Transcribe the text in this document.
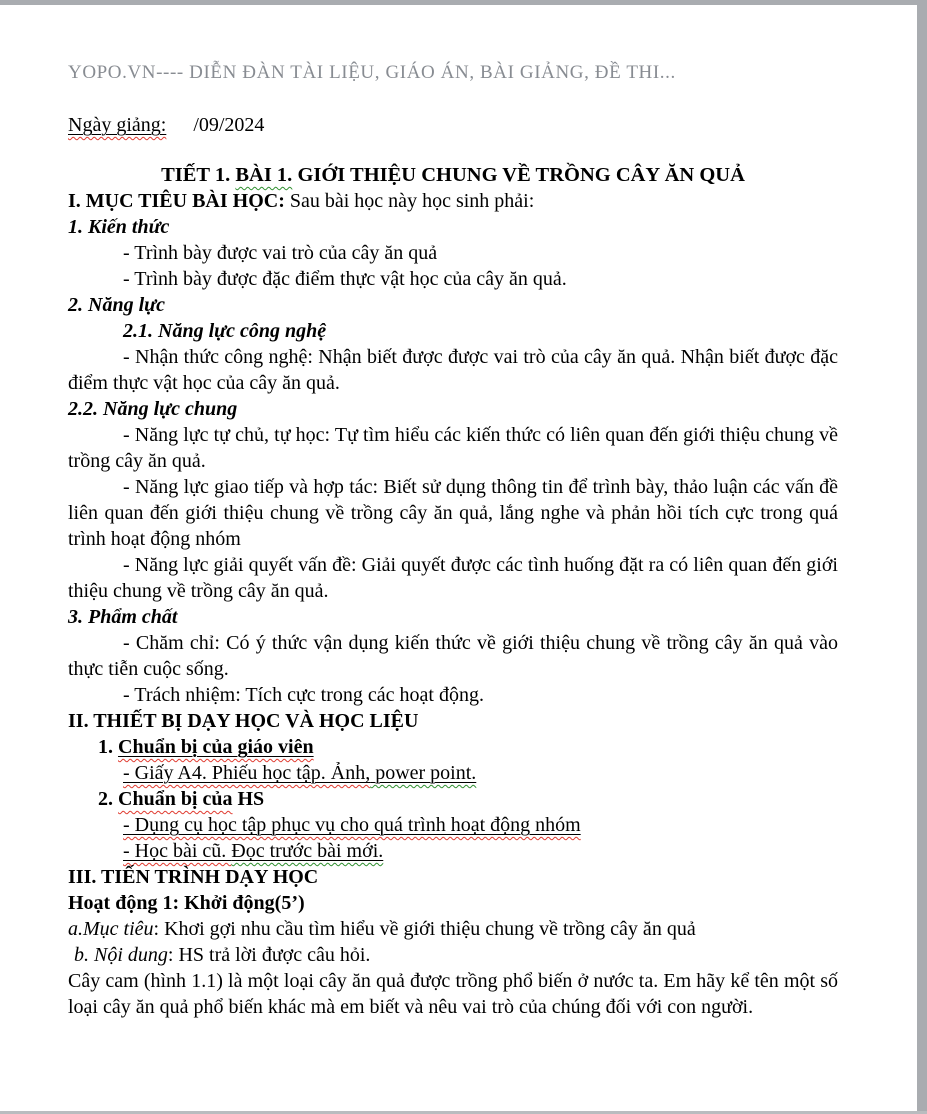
YOPO.VN---- DIỄN ĐÀN TÀI LIỆU, GIÁO ÁN, BÀI GIẢNG, ĐỀ THI...

Ngày giảng: /09/2024

TIẾT 1. BÀI 1. GIỚI THIỆU CHUNG VỀ TRỒNG CÂY ĂN QUẢ

I. MỤC TIÊU BÀI HỌC: Sau bài học này học sinh phải:

1. Kiến thức

- Trình bày được vai trò của cây ăn quả

- Trình bày được đặc điểm thực vật học của cây ăn quả.

2. Năng lực

2.1. Năng lực công nghệ

- Nhận thức công nghệ: Nhận biết được được vai trò của cây ăn quả. Nhận biết được đặc điểm thực vật học của cây ăn quả.

2.2. Năng lực chung

- Năng lực tự chủ, tự học: Tự tìm hiểu các kiến thức có liên quan đến giới thiệu chung về trồng cây ăn quả.

- Năng lực giao tiếp và hợp tác: Biết sử dụng thông tin để trình bày, thảo luận các vấn đề liên quan đến giới thiệu chung về trồng cây ăn quả, lắng nghe và phản hồi tích cực trong quá trình hoạt động nhóm

- Năng lực giải quyết vấn đề: Giải quyết được các tình huống đặt ra có liên quan đến giới thiệu chung về trồng cây ăn quả.

3. Phẩm chất

- Chăm chỉ: Có ý thức vận dụng kiến thức về giới thiệu chung về trồng cây ăn quả vào thực tiễn cuộc sống.

- Trách nhiệm: Tích cực trong các hoạt động.

II. THIẾT BỊ DẠY HỌC VÀ HỌC LIỆU

1. Chuẩn bị của giáo viên

- Giấy A4. Phiếu học tập. Ảnh, power point.

2. Chuẩn bị của HS

- Dụng cụ học tập phục vụ cho quá trình hoạt động nhóm

- Học bài cũ. Đọc trước bài mới.

III. TIẾN TRÌNH DẠY HỌC

Hoạt động 1: Khởi động(5’)

a.Mục tiêu: Khơi gợi nhu cầu tìm hiểu về giới thiệu chung về trồng cây ăn quả

b. Nội dung: HS trả lời được câu hỏi.

Cây cam (hình 1.1) là một loại cây ăn quả được trồng phổ biến ở nước ta. Em hãy kể tên một số loại cây ăn quả phổ biến khác mà em biết và nêu vai trò của chúng đối với con người.
